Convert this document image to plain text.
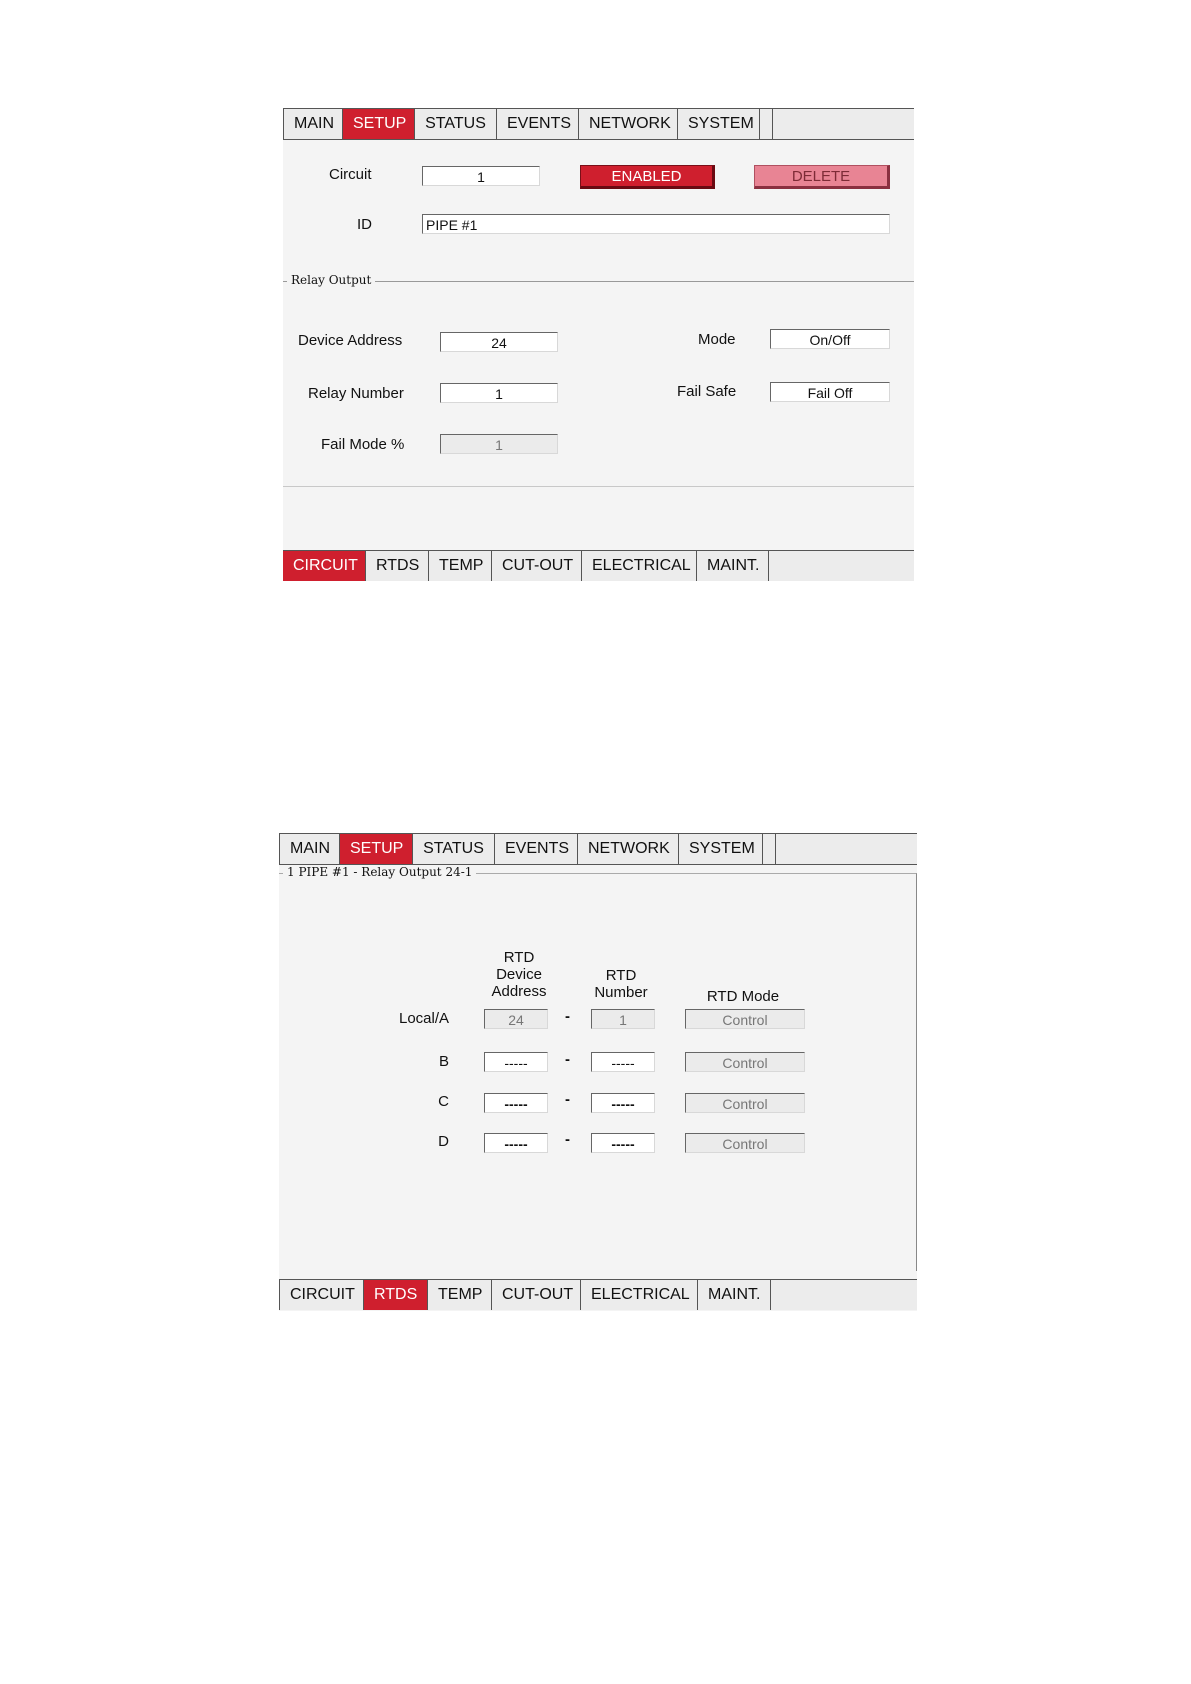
MAIN	SETUP	STATUS	EVENTS	NETWORK	SYSTEM
Circuit	1	ENABLED	DELETE
ID	PIPE #1
Relay Output
Device Address	24
Relay Number	1
Fail Mode %	1
Mode	On/Off
Fail Safe	Fail Off
CIRCUIT	RTDS	TEMP	CUT-OUT	ELECTRICAL	MAINT.
MAIN	SETUP	STATUS	EVENTS	NETWORK	SYSTEM
1 PIPE #1 - Relay Output 24-1
RTD
Device
Address
RTD
Number	RTD Mode
Local/A	24	-	1	Control
B	-----	-	-----	Control
C	-----	-	-----	Control
D	-----	-	-----	Control
CIRCUIT	RTDS	TEMP	CUT-OUT	ELECTRICAL	MAINT.
